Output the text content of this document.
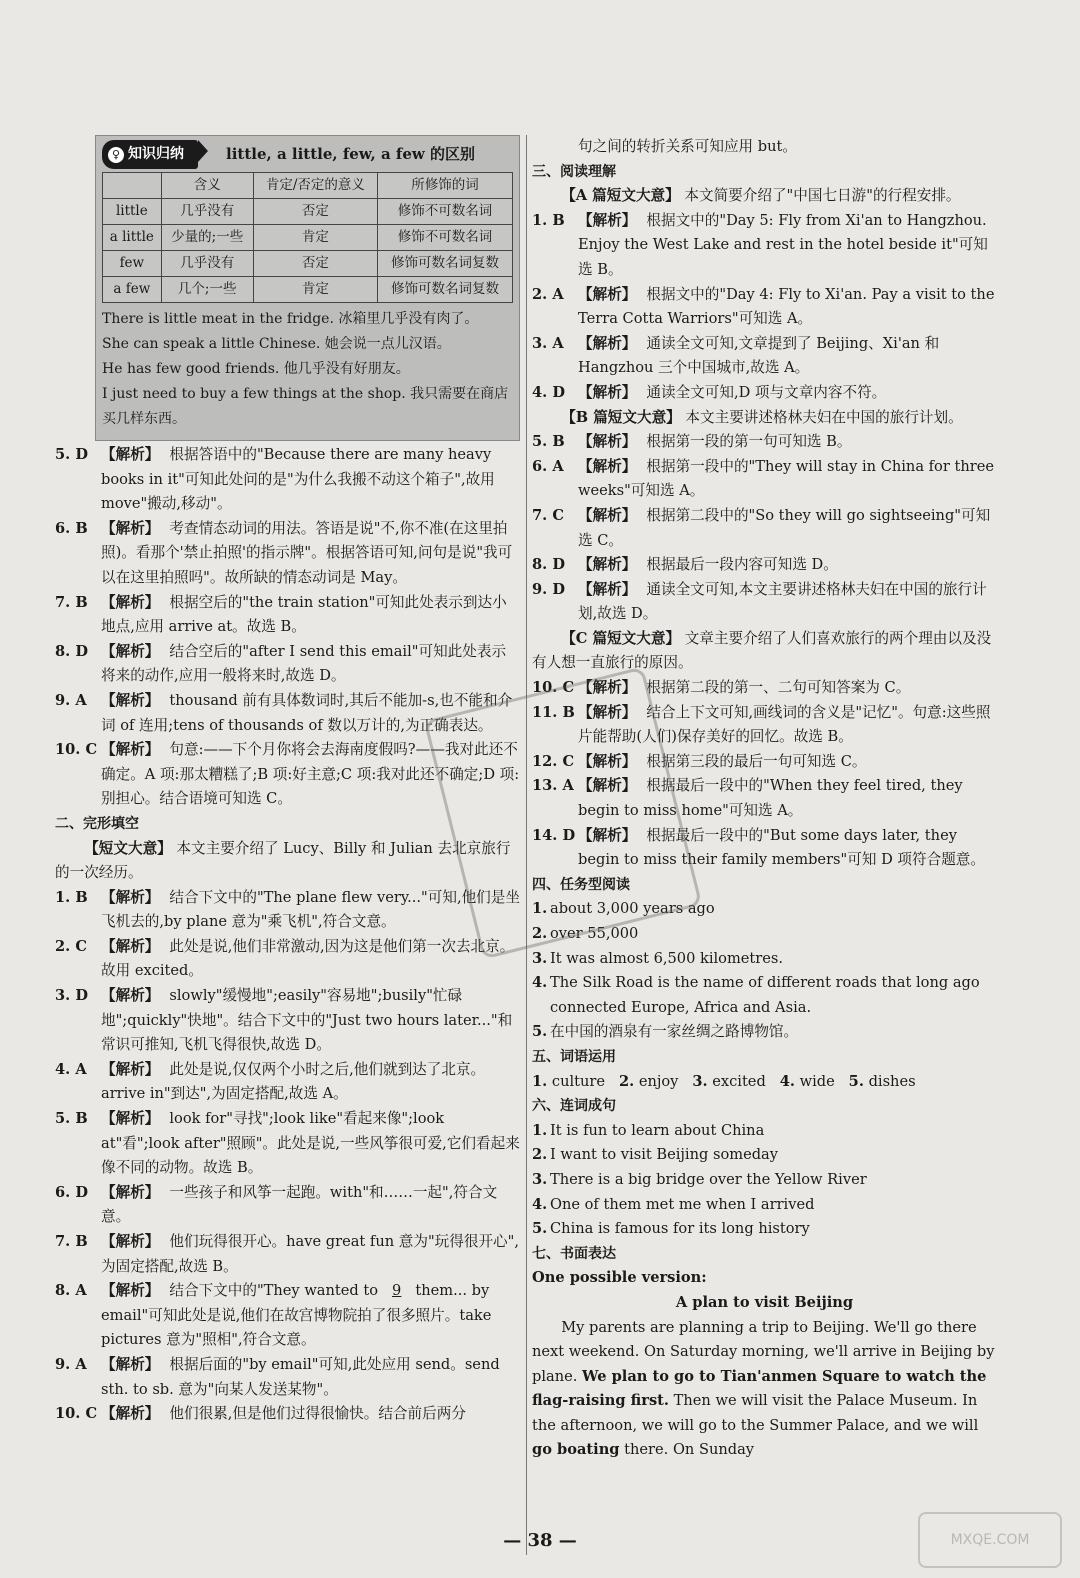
♀ 知识归纳	little, a little, few, a few 的区别
	含义	肯定/否定的意义	所修饰的词
little	几乎没有	否定	修饰不可数名词
a little	少量的;一些	肯定	修饰不可数名词
few	几乎没有	否定	修饰可数名词复数
a few	几个;一些	肯定	修饰可数名词复数

There is little meat in the fridge. 冰箱里几乎没有肉了。

She can speak a little Chinese. 她会说一点儿汉语。

He has few good friends. 他几乎没有好朋友。

I just need to buy a few things at the shop. 我只需要在商店买几样东西。

5. D 【解析】 根据答语中的"Because there are many heavy books in it"可知此处问的是"为什么我搬不动这个箱子",故用 move"搬动,移动"。
6. B 【解析】 考查情态动词的用法。答语是说"不,你不准(在这里拍照)。看那个'禁止拍照'的指示牌"。根据答语可知,问句是说"我可以在这里拍照吗"。故所缺的情态动词是 May。
7. B 【解析】 根据空后的"the train station"可知此处表示到达小地点,应用 arrive at。故选 B。
8. D 【解析】 结合空后的"after I send this email"可知此处表示将来的动作,应用一般将来时,故选 D。
9. A 【解析】 thousand 前有具体数词时,其后不能加-s,也不能和介词 of 连用;tens of thousands of 数以万计的,为正确表达。
10. C 【解析】 句意:——下个月你将会去海南度假吗?——我对此还不确定。A 项:那太糟糕了;B 项:好主意;C 项:我对此还不确定;D 项:别担心。结合语境可知选 C。
二、完形填空
【短文大意】 本文主要介绍了 Lucy、Billy 和 Julian 去北京旅行的一次经历。
1. B 【解析】 结合下文中的"The plane flew very..."可知,他们是坐飞机去的,by plane 意为"乘飞机",符合文意。
2. C 【解析】 此处是说,他们非常激动,因为这是他们第一次去北京。故用 excited。
3. D 【解析】 slowly"缓慢地";easily"容易地";busily"忙碌地";quickly"快地"。结合下文中的"Just two hours later..."和常识可推知,飞机飞得很快,故选 D。
4. A 【解析】 此处是说,仅仅两个小时之后,他们就到达了北京。arrive in"到达",为固定搭配,故选 A。
5. B 【解析】 look for"寻找";look like"看起来像";look at"看";look after"照顾"。此处是说,一些风筝很可爱,它们看起来像不同的动物。故选 B。
6. D 【解析】 一些孩子和风筝一起跑。with"和……一起",符合文意。
7. B 【解析】 他们玩得很开心。have great fun 意为"玩得很开心",为固定搭配,故选 B。
8. A 【解析】 结合下文中的"They wanted to 9 them... by email"可知此处是说,他们在故宫博物院拍了很多照片。take pictures 意为"照相",符合文意。
9. A 【解析】 根据后面的"by email"可知,此处应用 send。send sth. to sb. 意为"向某人发送某物"。
10. C 【解析】 他们很累,但是他们过得很愉快。结合前后两分
句之间的转折关系可知应用 but。
三、阅读理解
【A 篇短文大意】 本文简要介绍了"中国七日游"的行程安排。
1. B 【解析】 根据文中的"Day 5: Fly from Xi'an to Hangzhou. Enjoy the West Lake and rest in the hotel beside it"可知选 B。
2. A 【解析】 根据文中的"Day 4: Fly to Xi'an. Pay a visit to the Terra Cotta Warriors"可知选 A。
3. A 【解析】 通读全文可知,文章提到了 Beijing、Xi'an 和 Hangzhou 三个中国城市,故选 A。
4. D 【解析】 通读全文可知,D 项与文章内容不符。
【B 篇短文大意】 本文主要讲述格林夫妇在中国的旅行计划。
5. B 【解析】 根据第一段的第一句可知选 B。
6. A 【解析】 根据第一段中的"They will stay in China for three weeks"可知选 A。
7. C 【解析】 根据第二段中的"So they will go sightseeing"可知选 C。
8. D 【解析】 根据最后一段内容可知选 D。
9. D 【解析】 通读全文可知,本文主要讲述格林夫妇在中国的旅行计划,故选 D。
【C 篇短文大意】 文章主要介绍了人们喜欢旅行的两个理由以及没有人想一直旅行的原因。
10. C 【解析】 根据第二段的第一、二句可知答案为 C。
11. B 【解析】 结合上下文可知,画线词的含义是"记忆"。句意:这些照片能帮助(人们)保存美好的回忆。故选 B。
12. C 【解析】 根据第三段的最后一句可知选 C。
13. A 【解析】 根据最后一段中的"When they feel tired, they begin to miss home"可知选 A。
14. D 【解析】 根据最后一段中的"But some days later, they begin to miss their family members"可知 D 项符合题意。
四、任务型阅读
1. about 3,000 years ago
2. over 55,000
3. It was almost 6,500 kilometres.
4. The Silk Road is the name of different roads that long ago connected Europe, Africa and Asia.
5. 在中国的酒泉有一家丝绸之路博物馆。
五、词语运用
1. culture 2. enjoy 3. excited 4. wide 5. dishes
六、连词成句
1. It is fun to learn about China
2. I want to visit Beijing someday
3. There is a big bridge over the Yellow River
4. One of them met me when I arrived
5. China is famous for its long history
七、书面表达
One possible version:
A plan to visit Beijing

My parents are planning a trip to Beijing. We'll go there next weekend. On Saturday morning, we'll arrive in Beijing by plane. We plan to go to Tian'anmen Square to watch the flag-raising first. Then we will visit the Palace Museum. In the afternoon, we will go to the Summer Palace, and we will go boating there. On Sunday

— 38 —	MXQE.COM
